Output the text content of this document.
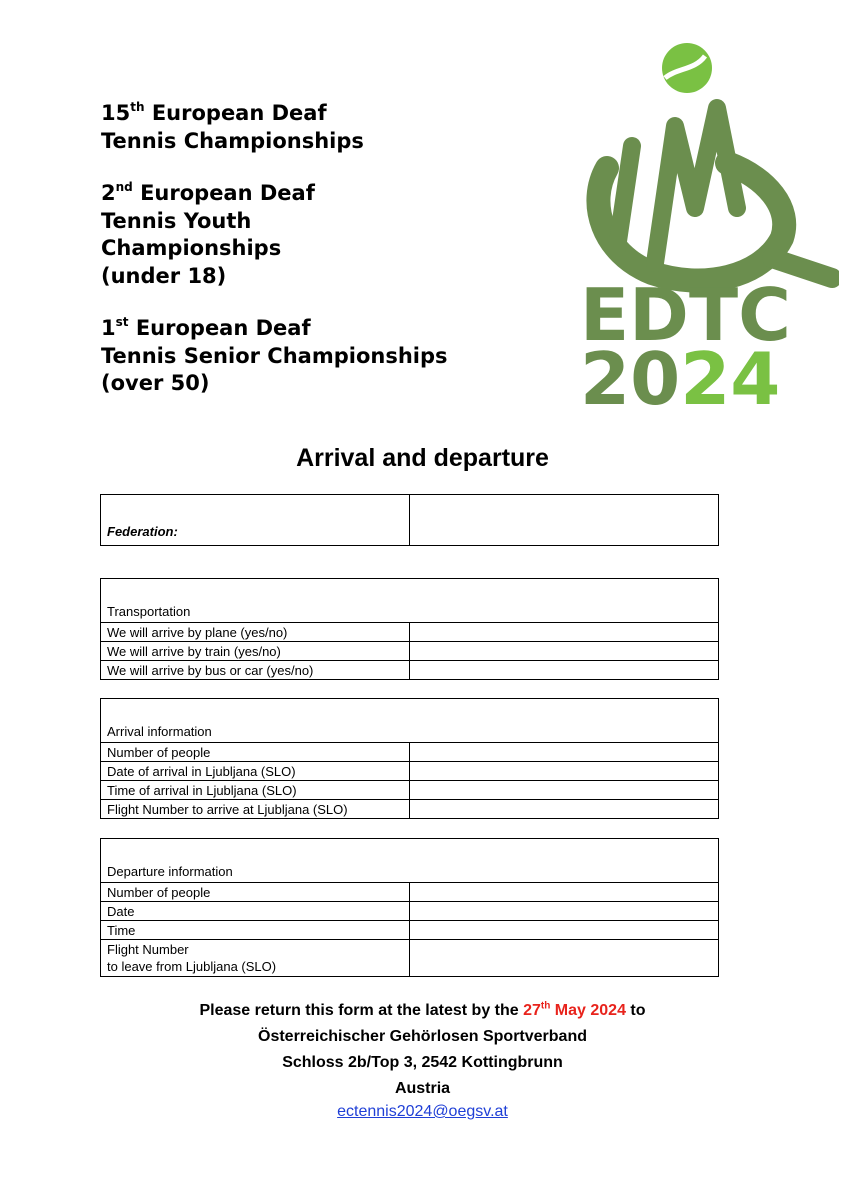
15th European Deaf
Tennis Championships
2nd European Deaf
Tennis Youth
Championships
(under 18)
1st European Deaf
Tennis Senior Championships
(over 50)
EDTC
2024
Arrival and departure
Federation:	
Transportation	
We will arrive by plane (yes/no)	
We will arrive by train (yes/no)	
We will arrive by bus or car (yes/no)	
Arrival information	
Number of people	
Date of arrival in Ljubljana (SLO)	
Time of arrival in Ljubljana (SLO)	
Flight Number to arrive at Ljubljana (SLO)	
Departure information	
Number of people	
Date	
Time	

Flight Number
to leave from Ljubljana (SLO)	

Please return this form at the latest by the 27th May 2024 to
Österreichischer Gehörlosen Sportverband
Schloss 2b/Top 3, 2542 Kottingbrunn
Austria
ectennis2024@oegsv.at
